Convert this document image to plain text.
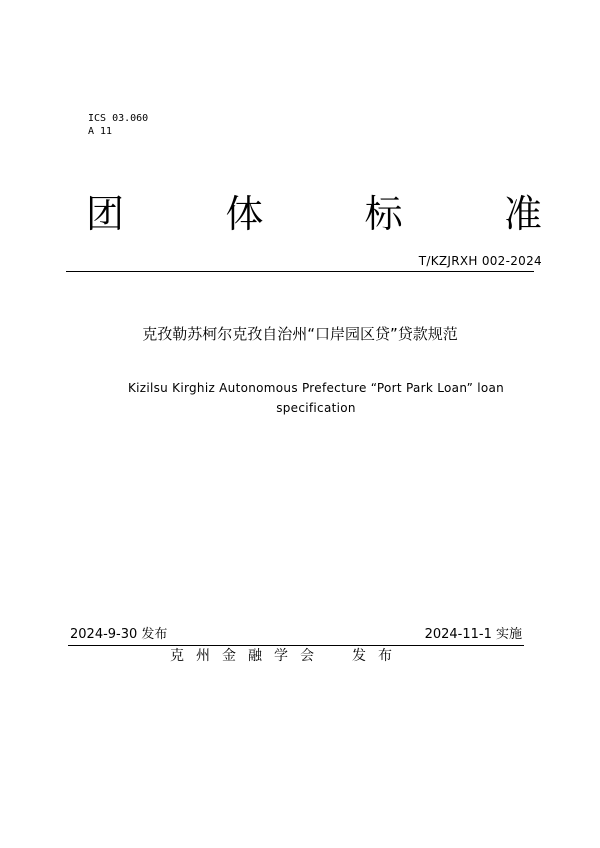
ICS 03.060
A 11
团	体	标	准
T/KZJRXH 002-2024
克孜勒苏柯尔克孜自治州“口岸园区贷”贷款规范
Kizilsu Kirghiz Autonomous Prefecture “Port Park Loan” loan
specification
2024-9-30 发布	2024-11-1 实施
克州金融学会 发布
